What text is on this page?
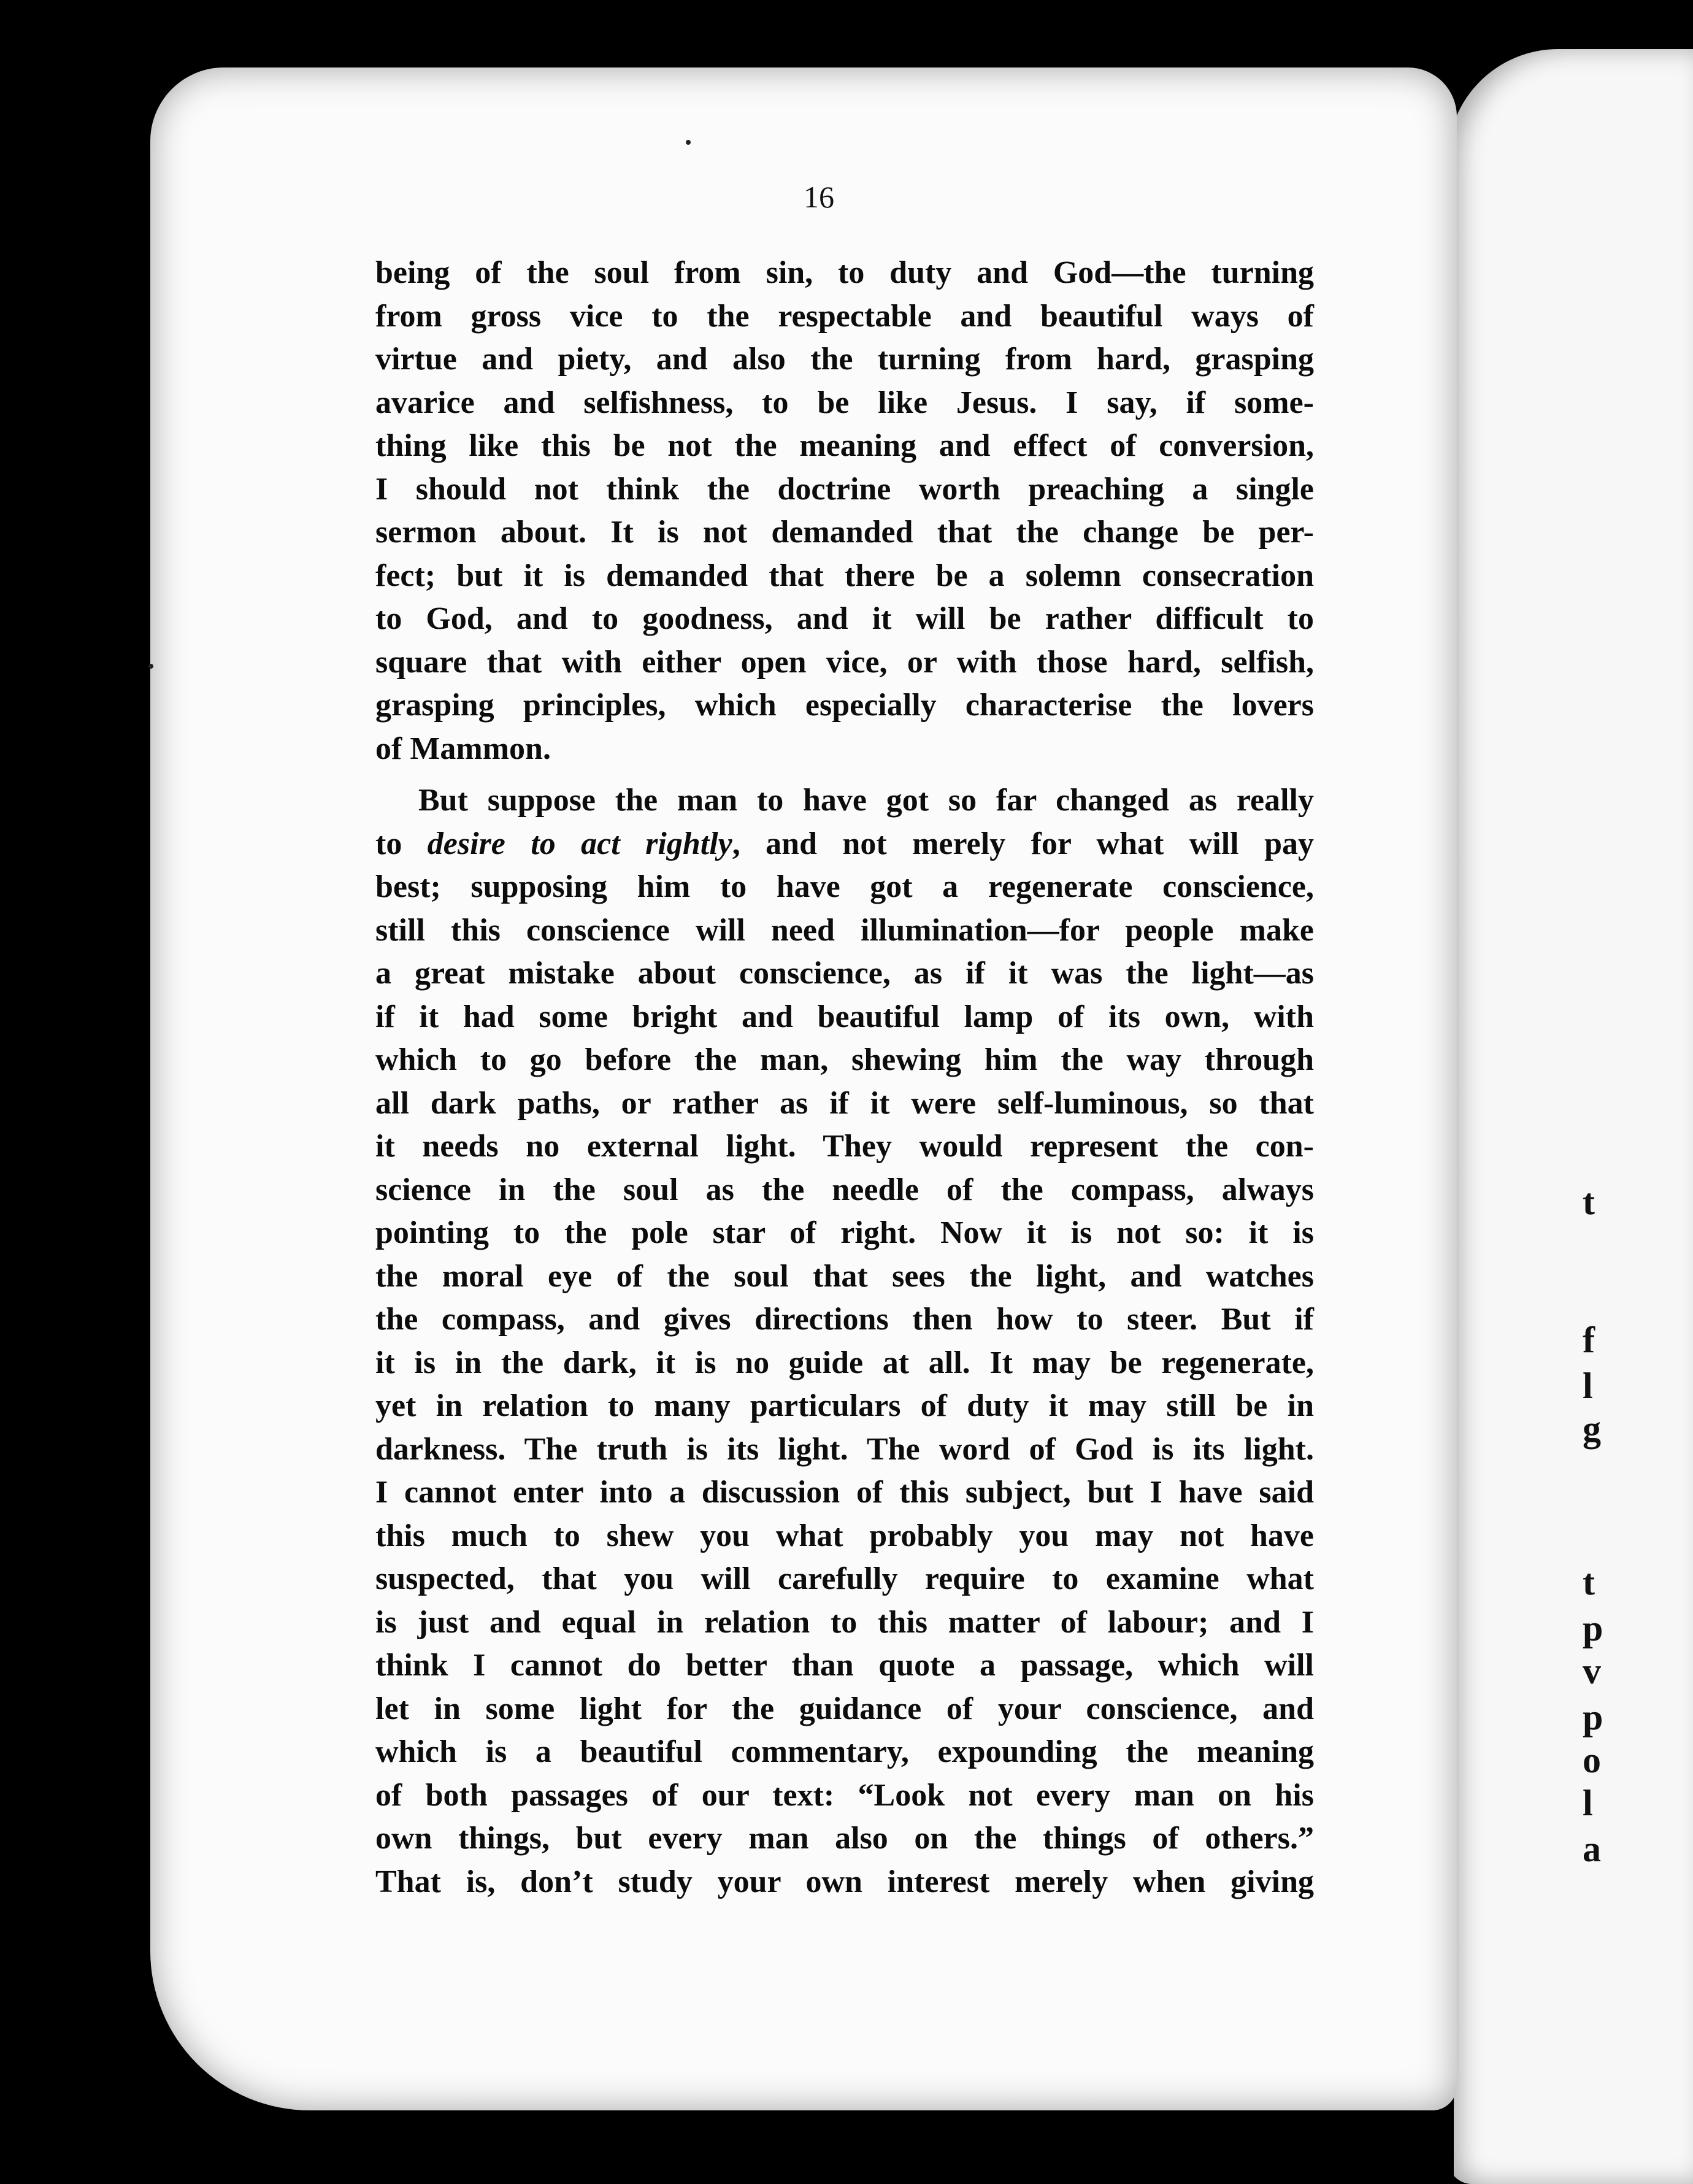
16
being of the soul from sin, to duty and God—the turning
from gross vice to the respectable and beautiful ways of
virtue and piety, and also the turning from hard, grasping
avarice and selfishness, to be like Jesus. I say, if some-
thing like this be not the meaning and effect of conversion,
I should not think the doctrine worth preaching a single
sermon about. It is not demanded that the change be per-
fect; but it is demanded that there be a solemn consecration
to God, and to goodness, and it will be rather difficult to
square that with either open vice, or with those hard, selfish,
grasping principles, which especially characterise the lovers
of Mammon.
But suppose the man to have got so far changed as really
to desire to act rightly, and not merely for what will pay
best; supposing him to have got a regenerate conscience,
still this conscience will need illumination—for people make
a great mistake about conscience, as if it was the light—as
if it had some bright and beautiful lamp of its own, with
which to go before the man, shewing him the way through
all dark paths, or rather as if it were self-luminous, so that
it needs no external light. They would represent the con-
science in the soul as the needle of the compass, always
pointing to the pole star of right. Now it is not so: it is
the moral eye of the soul that sees the light, and watches
the compass, and gives directions then how to steer. But if
it is in the dark, it is no guide at all. It may be regenerate,
yet in relation to many particulars of duty it may still be in
darkness. The truth is its light. The word of God is its light.
I cannot enter into a discussion of this subject, but I have said
this much to shew you what probably you may not have
suspected, that you will carefully require to examine what
is just and equal in relation to this matter of labour; and I
think I cannot do better than quote a passage, which will
let in some light for the guidance of your conscience, and
which is a beautiful commentary, expounding the meaning
of both passages of our text: “Look not every man on his
own things, but every man also on the things of others.”
That is, don’t study your own interest merely when giving
t
f
l
g
t
p
v
p
o
l
a
